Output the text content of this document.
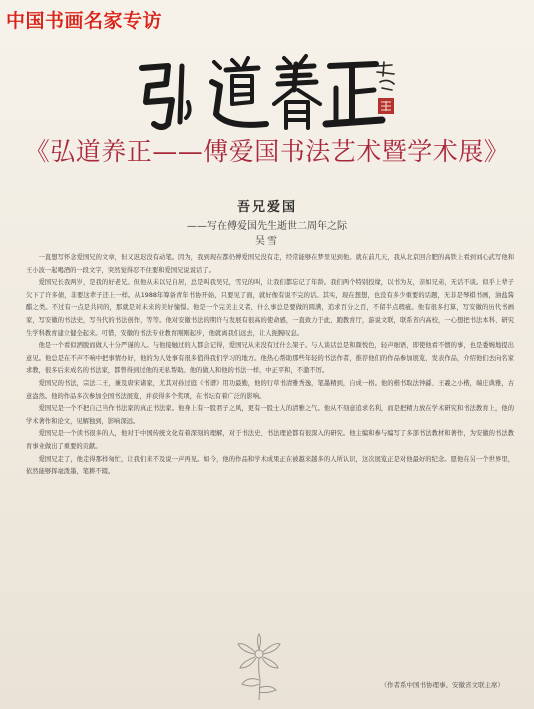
中国书画名家专访
《弘道养正——傅爱国书法艺术暨学术展》
吾兄爱国
——写在傅爱国先生逝世二周年之际
吴雪

一直想写怀念爱国兄的文章，但又迟迟没有动笔。因为，我到现在都仍傅爱国兄没有走，经常能够在梦里见到他。就在前几天，我从北京回合肥的高铁上看到刘心武写他和王小波一起喝酒的一段文字，突然觉得忍不住要和爱国兄说说话了。

爱国兄长我两岁，是我的好老兄。但他从未以兄自居，总是叫我吴兄，雪兄的叫，让我们都忘记了年龄。我们两个特别投缘，以书为友，亲如兄弟，无话不谈。似乎上辈子欠下了许多债，非要这辈子还上一样。从1988年筹备青年书协开始，只要见了面，就好像有说不完的话。其实，现在想想，也没有多少重要的话题，无非是琴棋书画，油盐酱醋之类。不过有一点是共同的，那就是对未来的美好憧憬。他是一个完美主义者，什么事总是要做的圆满，追求百分之百，不留半点瑕疵。他有很多打算，写安徽的历代书画家，写安徽的书法史，写当代的书法创作，等等。他对安徽书法的期许与发展有很高的使命感，一直致力于此，跑教育厅，游说文联，联系省内高校，一心想把书法本科、研究生学科教育建立健全起来。可惜，安徽的书法专业教育刚刚起步，他就离我们远去，让人扼腕叹息。

他是一个看似洒脱而做人十分严谨的人。与他接触过的人都会记得，爱国兄从来没有过什么架子。与人谈话总是和颜悦色，轻声细语，即使他看不惯的事，也是委婉地提出意见。他总是在不声不响中把事情办好，他的为人处事有很多值得我们学习的地方。他热心帮助那些年轻的书法作者，推荐他们的作品参加展览，发表作品，介绍他们去向名家求教，很多后来成名的书法家，都曾得到过他的无私帮助。他的做人和他的书法一样，中正平和，不激不厉。

爱国兄的书法，宗法二王，兼及唐宋诸家，尤其对孙过庭《书谱》用功最勤，他的行草书清雅秀逸，笔墨精到，自成一格。他的楷书取法钟繇、王羲之小楷，端庄典雅，古意盎然。他的作品多次参加全国书法展览，并获得多个奖项，在书坛有着广泛的影响。

爱国兄是一个不把自己当作书法家的真正书法家。他身上有一股君子之风，更有一股士人的清雅之气。他从不刻意追求名利，而是把精力放在学术研究和书法教育上，他的学术著作和论文，见解独到，影响深远。

爱国兄是一个读书很多的人，他对于中国传统文化有着深刻的理解，对于书法史、书法理论都有很深入的研究。他主编和参与编写了多部书法教材和著作，为安徽的书法教育事业做出了重要的贡献。

爱国兄走了，他走得那样匆忙，让我们来不及说一声再见。如今，他的作品和学术成果正在被越来越多的人所认识，这次展览正是对他最好的纪念。愿他在另一个世界里，依然能够挥毫泼墨，笔耕不辍。

（作者系中国书协理事、安徽省文联主席）
